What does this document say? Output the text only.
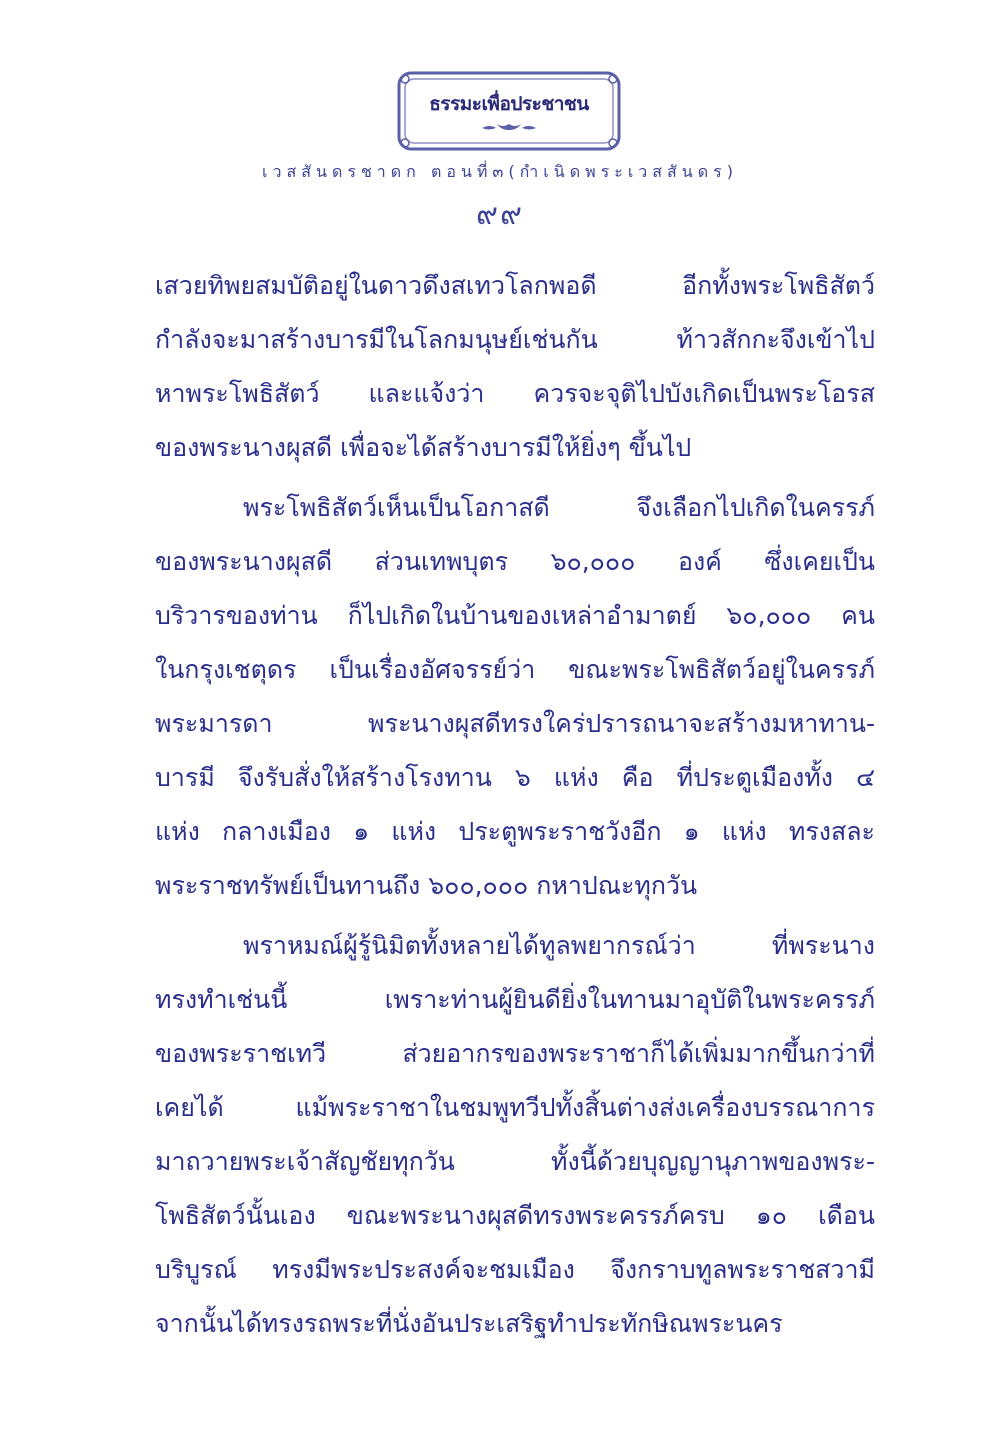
ธรรมะเพื่อประชาชน
เวสสันดรชาดก ตอนที่๓(กำเนิดพระเวสสันดร)
๙๙
เสวยทิพยสมบัติอยู่ในดาวดึงสเทวโลกพอดี อีกทั้งพระโพธิสัตว์
กำลังจะมาสร้างบารมีในโลกมนุษย์เช่นกัน ท้าวสักกะจึงเข้าไป
หาพระโพธิสัตว์ และแจ้งว่า ควรจะจุติไปบังเกิดเป็นพระโอรส
ของพระนางผุสดี เพื่อจะได้สร้างบารมีให้ยิ่งๆ ขึ้นไป
พระโพธิสัตว์เห็นเป็นโอกาสดี จึงเลือกไปเกิดในครรภ์
ของพระนางผุสดี ส่วนเทพบุตร ๖๐,๐๐๐ องค์ ซึ่งเคยเป็น
บริวารของท่าน ก็ไปเกิดในบ้านของเหล่าอำมาตย์ ๖๐,๐๐๐ คน
ในกรุงเชตุดร เป็นเรื่องอัศจรรย์ว่า ขณะพระโพธิสัตว์อยู่ในครรภ์
พระมารดา พระนางผุสดีทรงใคร่ปรารถนาจะสร้างมหาทาน-
บารมี จึงรับสั่งให้สร้างโรงทาน ๖ แห่ง คือ ที่ประตูเมืองทั้ง ๔
แห่ง กลางเมือง ๑ แห่ง ประตูพระราชวังอีก ๑ แห่ง ทรงสละ
พระราชทรัพย์เป็นทานถึง ๖๐๐,๐๐๐ กหาปณะทุกวัน
พราหมณ์ผู้รู้นิมิตทั้งหลายได้ทูลพยากรณ์ว่า ที่พระนาง
ทรงทำเช่นนี้ เพราะท่านผู้ยินดียิ่งในทานมาอุบัติในพระครรภ์
ของพระราชเทวี ส่วยอากรของพระราชาก็ได้เพิ่มมากขึ้นกว่าที่
เคยได้ แม้พระราชาในชมพูทวีปทั้งสิ้นต่างส่งเครื่องบรรณาการ
มาถวายพระเจ้าสัญชัยทุกวัน ทั้งนี้ด้วยบุญญานุภาพของพระ-
โพธิสัตว์นั้นเอง ขณะพระนางผุสดีทรงพระครรภ์ครบ ๑๐ เดือน
บริบูรณ์ ทรงมีพระประสงค์จะชมเมือง จึงกราบทูลพระราชสวามี
จากนั้นได้ทรงรถพระที่นั่งอันประเสริฐทำประทักษิณพระนคร
